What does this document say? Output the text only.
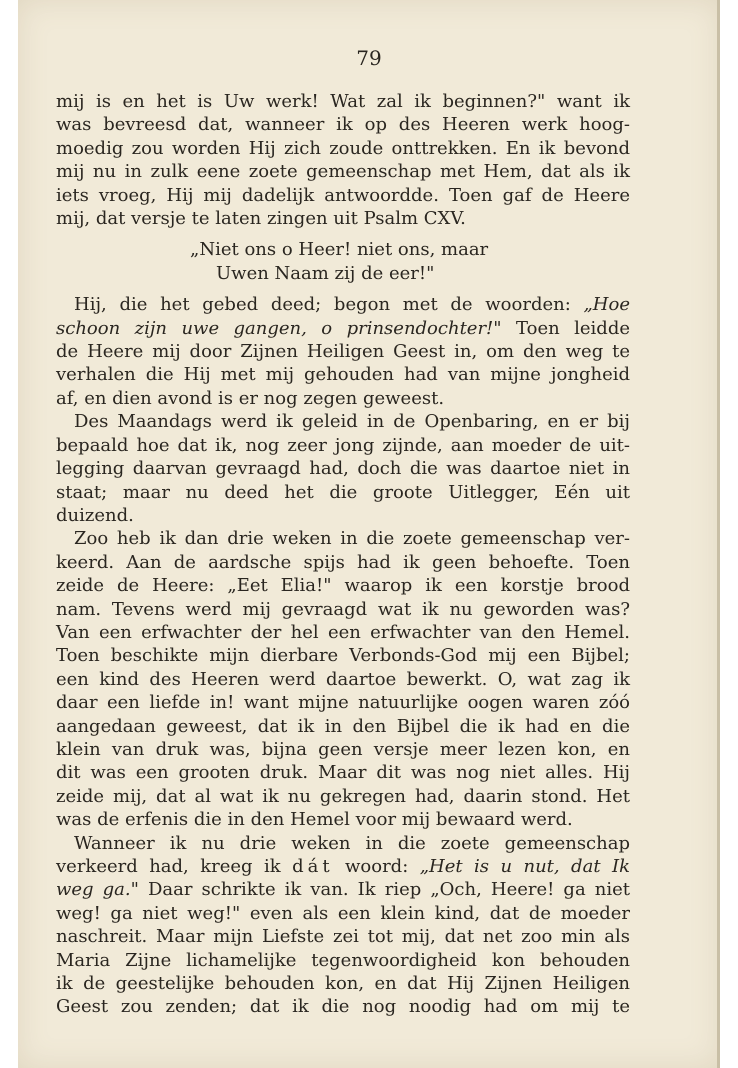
79
mij is en het is Uw werk! Wat zal ik beginnen?" want ik
was bevreesd dat, wanneer ik op des Heeren werk hoog-
moedig zou worden Hij zich zoude onttrekken. En ik bevond
mij nu in zulk eene zoete gemeenschap met Hem, dat als ik
iets vroeg, Hij mij dadelijk antwoordde. Toen gaf de Heere
mij, dat versje te laten zingen uit Psalm CXV.
„Niet ons o Heer! niet ons, maar
Uwen Naam zij de eer!"
Hij, die het gebed deed; begon met de woorden: „Hoe
schoon zijn uwe gangen, o prinsendochter!" Toen leidde
de Heere mij door Zijnen Heiligen Geest in, om den weg te
verhalen die Hij met mij gehouden had van mijne jongheid
af, en dien avond is er nog zegen geweest.
Des Maandags werd ik geleid in de Openbaring, en er bij
bepaald hoe dat ik, nog zeer jong zijnde, aan moeder de uit-
legging daarvan gevraagd had, doch die was daartoe niet in
staat; maar nu deed het die groote Uitlegger, Eén uit
duizend.
Zoo heb ik dan drie weken in die zoete gemeenschap ver-
keerd. Aan de aardsche spijs had ik geen behoefte. Toen
zeide de Heere: „Eet Elia!" waarop ik een korstje brood
nam. Tevens werd mij gevraagd wat ik nu geworden was?
Van een erfwachter der hel een erfwachter van den Hemel.
Toen beschikte mijn dierbare Verbonds-God mij een Bijbel;
een kind des Heeren werd daartoe bewerkt. O, wat zag ik
daar een liefde in! want mijne natuurlijke oogen waren zóó
aangedaan geweest, dat ik in den Bijbel die ik had en die
klein van druk was, bijna geen versje meer lezen kon, en
dit was een grooten druk. Maar dit was nog niet alles. Hij
zeide mij, dat al wat ik nu gekregen had, daarin stond. Het
was de erfenis die in den Hemel voor mij bewaard werd.
Wanneer ik nu drie weken in die zoete gemeenschap
verkeerd had, kreeg ik dát woord: „Het is u nut, dat Ik
weg ga." Daar schrikte ik van. Ik riep „Och, Heere! ga niet
weg! ga niet weg!" even als een klein kind, dat de moeder
naschreit. Maar mijn Liefste zei tot mij, dat net zoo min als
Maria Zijne lichamelijke tegenwoordigheid kon behouden
ik de geestelijke behouden kon, en dat Hij Zijnen Heiligen
Geest zou zenden; dat ik die nog noodig had om mij te
